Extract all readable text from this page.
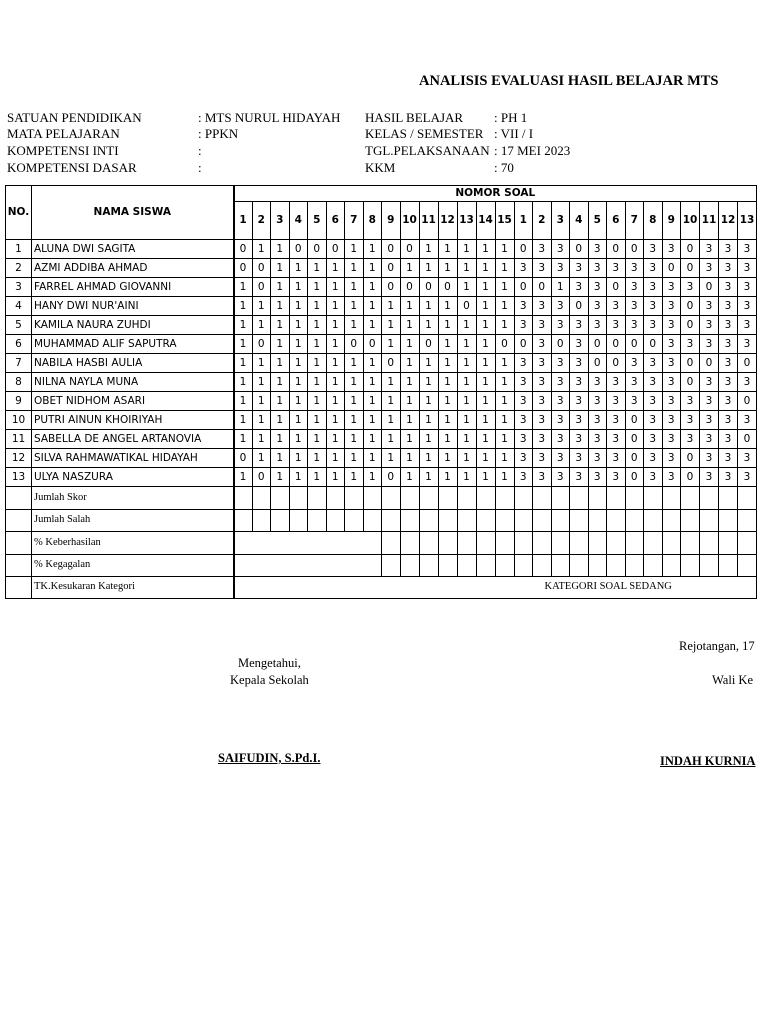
ANALISIS EVALUASI HASIL BELAJAR MTS
SATUAN PENDIDIKAN	: MTS NURUL HIDAYAH HASIL BELAJAR : PH 1
MATA PELAJARAN	: PPKN	KELAS / SEMESTER : VII / I
KOMPETENSI INTI	:	TGL.PELAKSANAAN : 17 MEI 2023
KOMPETENSI DASAR	:	KKM	: 70
NO.	NAMA SISWA	NOMOR SOAL																											
		1	2	3	4	5	6	7	8	9	10	11	12	13	14	15	1	2	3	4	5	6	7	8	9	10	11	12	13
1	ALUNA DWI SAGITA	0	1	1	0	0	0	1	1	0	0	1	1	1	1	1	0	3	3	0	3	0	0	3	3	0	3	3	3
2	AZMI ADDIBA AHMAD	0	0	1	1	1	1	1	1	0	1	1	1	1	1	1	3	3	3	3	3	3	3	3	0	0	3	3	3
3	FARREL AHMAD GIOVANNI	1	0	1	1	1	1	1	1	0	0	0	0	1	1	1	0	0	1	3	3	0	3	3	3	3	0	3	3
4	HANY DWI NUR'AINI	1	1	1	1	1	1	1	1	1	1	1	1	0	1	1	3	3	3	0	3	3	3	3	3	0	3	3	3
5	KAMILA NAURA ZUHDI	1	1	1	1	1	1	1	1	1	1	1	1	1	1	1	3	3	3	3	3	3	3	3	3	0	3	3	3
6	MUHAMMAD ALIF SAPUTRA	1	0	1	1	1	1	0	0	1	1	0	1	1	1	0	0	3	0	3	0	0	0	0	3	3	3	3	3
7	NABILA HASBI AULIA	1	1	1	1	1	1	1	1	0	1	1	1	1	1	1	3	3	3	3	0	0	3	3	3	0	0	3	0
8	NILNA NAYLA MUNA	1	1	1	1	1	1	1	1	1	1	1	1	1	1	1	3	3	3	3	3	3	3	3	3	0	3	3	3
9	OBET NIDHOM ASARI	1	1	1	1	1	1	1	1	1	1	1	1	1	1	1	3	3	3	3	3	3	3	3	3	3	3	3	0
10	PUTRI AINUN KHOIRIYAH	1	1	1	1	1	1	1	1	1	1	1	1	1	1	1	3	3	3	3	3	3	0	3	3	3	3	3	3
11	SABELLA DE ANGEL ARTANOVIA	1	1	1	1	1	1	1	1	1	1	1	1	1	1	1	3	3	3	3	3	3	0	3	3	3	3	3	0
12	SILVA RAHMAWATIKAL HIDAYAH	0	1	1	1	1	1	1	1	1	1	1	1	1	1	1	3	3	3	3	3	3	0	3	3	0	3	3	3
13	ULYA NASZURA	1	0	1	1	1	1	1	1	0	1	1	1	1	1	1	3	3	3	3	3	3	0	3	3	0	3	3	3
	Jumlah Skor																												
	Jumlah Salah																												
	% Keberhasilan																												
	% Kegagalan																												
	TK.Kesukaran Kategori	KATEGORI SOAL SEDANG																											
Rejotangan, 17
Mengetahui,
Kepala Sekolah	Wali Ke
SAIFUDIN, S.Pd.I.	INDAH KURNIA
